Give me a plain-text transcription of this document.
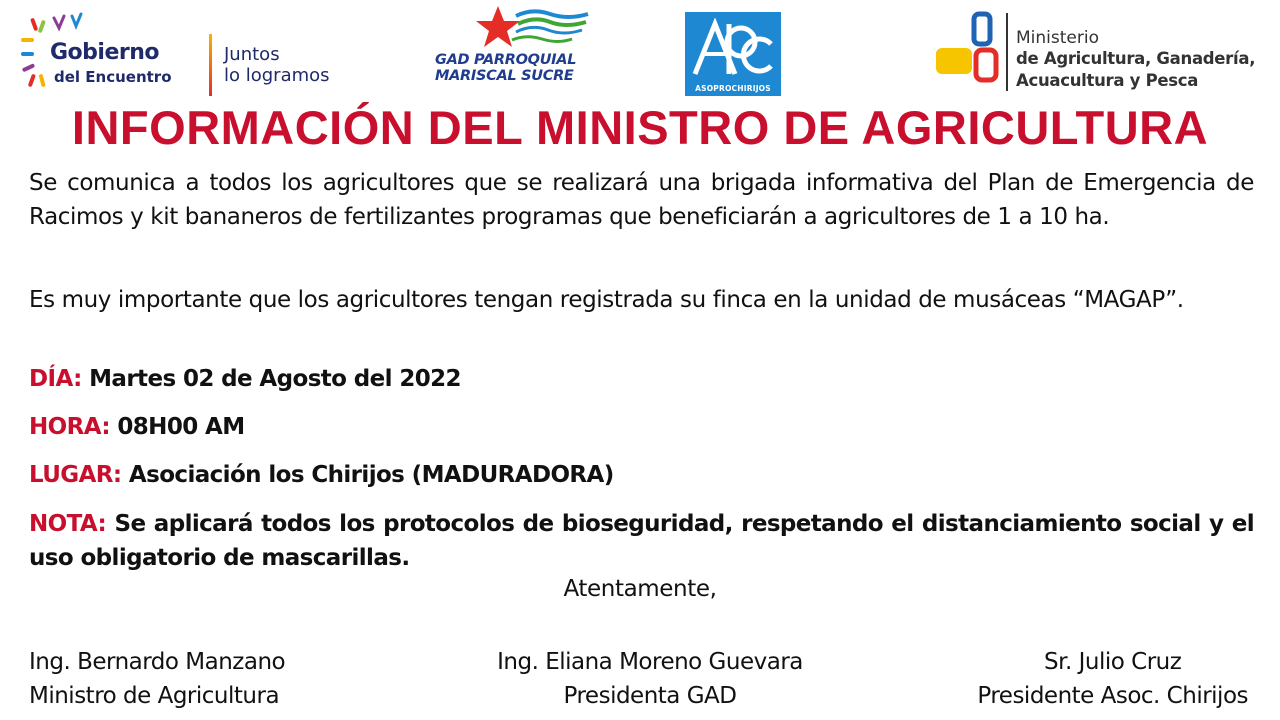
Gobierno
del Encuentro
Juntos
lo logramos
GAD PARROQUIAL
MARISCAL SUCRE
ASOPROCHIRIJOS
Ministerio
de Agricultura, Ganadería,
Acuacultura y Pesca
INFORMACIÓN DEL MINISTRO DE AGRICULTURA
Se comunica a todos los agricultores que se realizará una brigada informativa del Plan de Emergencia de Racimos y kit bananeros de fertilizantes programas que beneficiarán a agricultores de 1 a 10 ha.
Es muy importante que los agricultores tengan registrada su finca en la unidad de musáceas “MAGAP”.
DÍA: Martes 02 de Agosto del 2022
HORA: 08H00 AM
LUGAR: Asociación los Chirijos (MADURADORA)
NOTA: Se aplicará todos los protocolos de bioseguridad, respetando el distanciamiento social y el uso obligatorio de mascarillas.
Atentamente,
Ing. Bernardo Manzano
Ministro de Agricultura
Ing. Eliana Moreno Guevara
Presidenta GAD
Sr. Julio Cruz
Presidente Asoc. Chirijos
